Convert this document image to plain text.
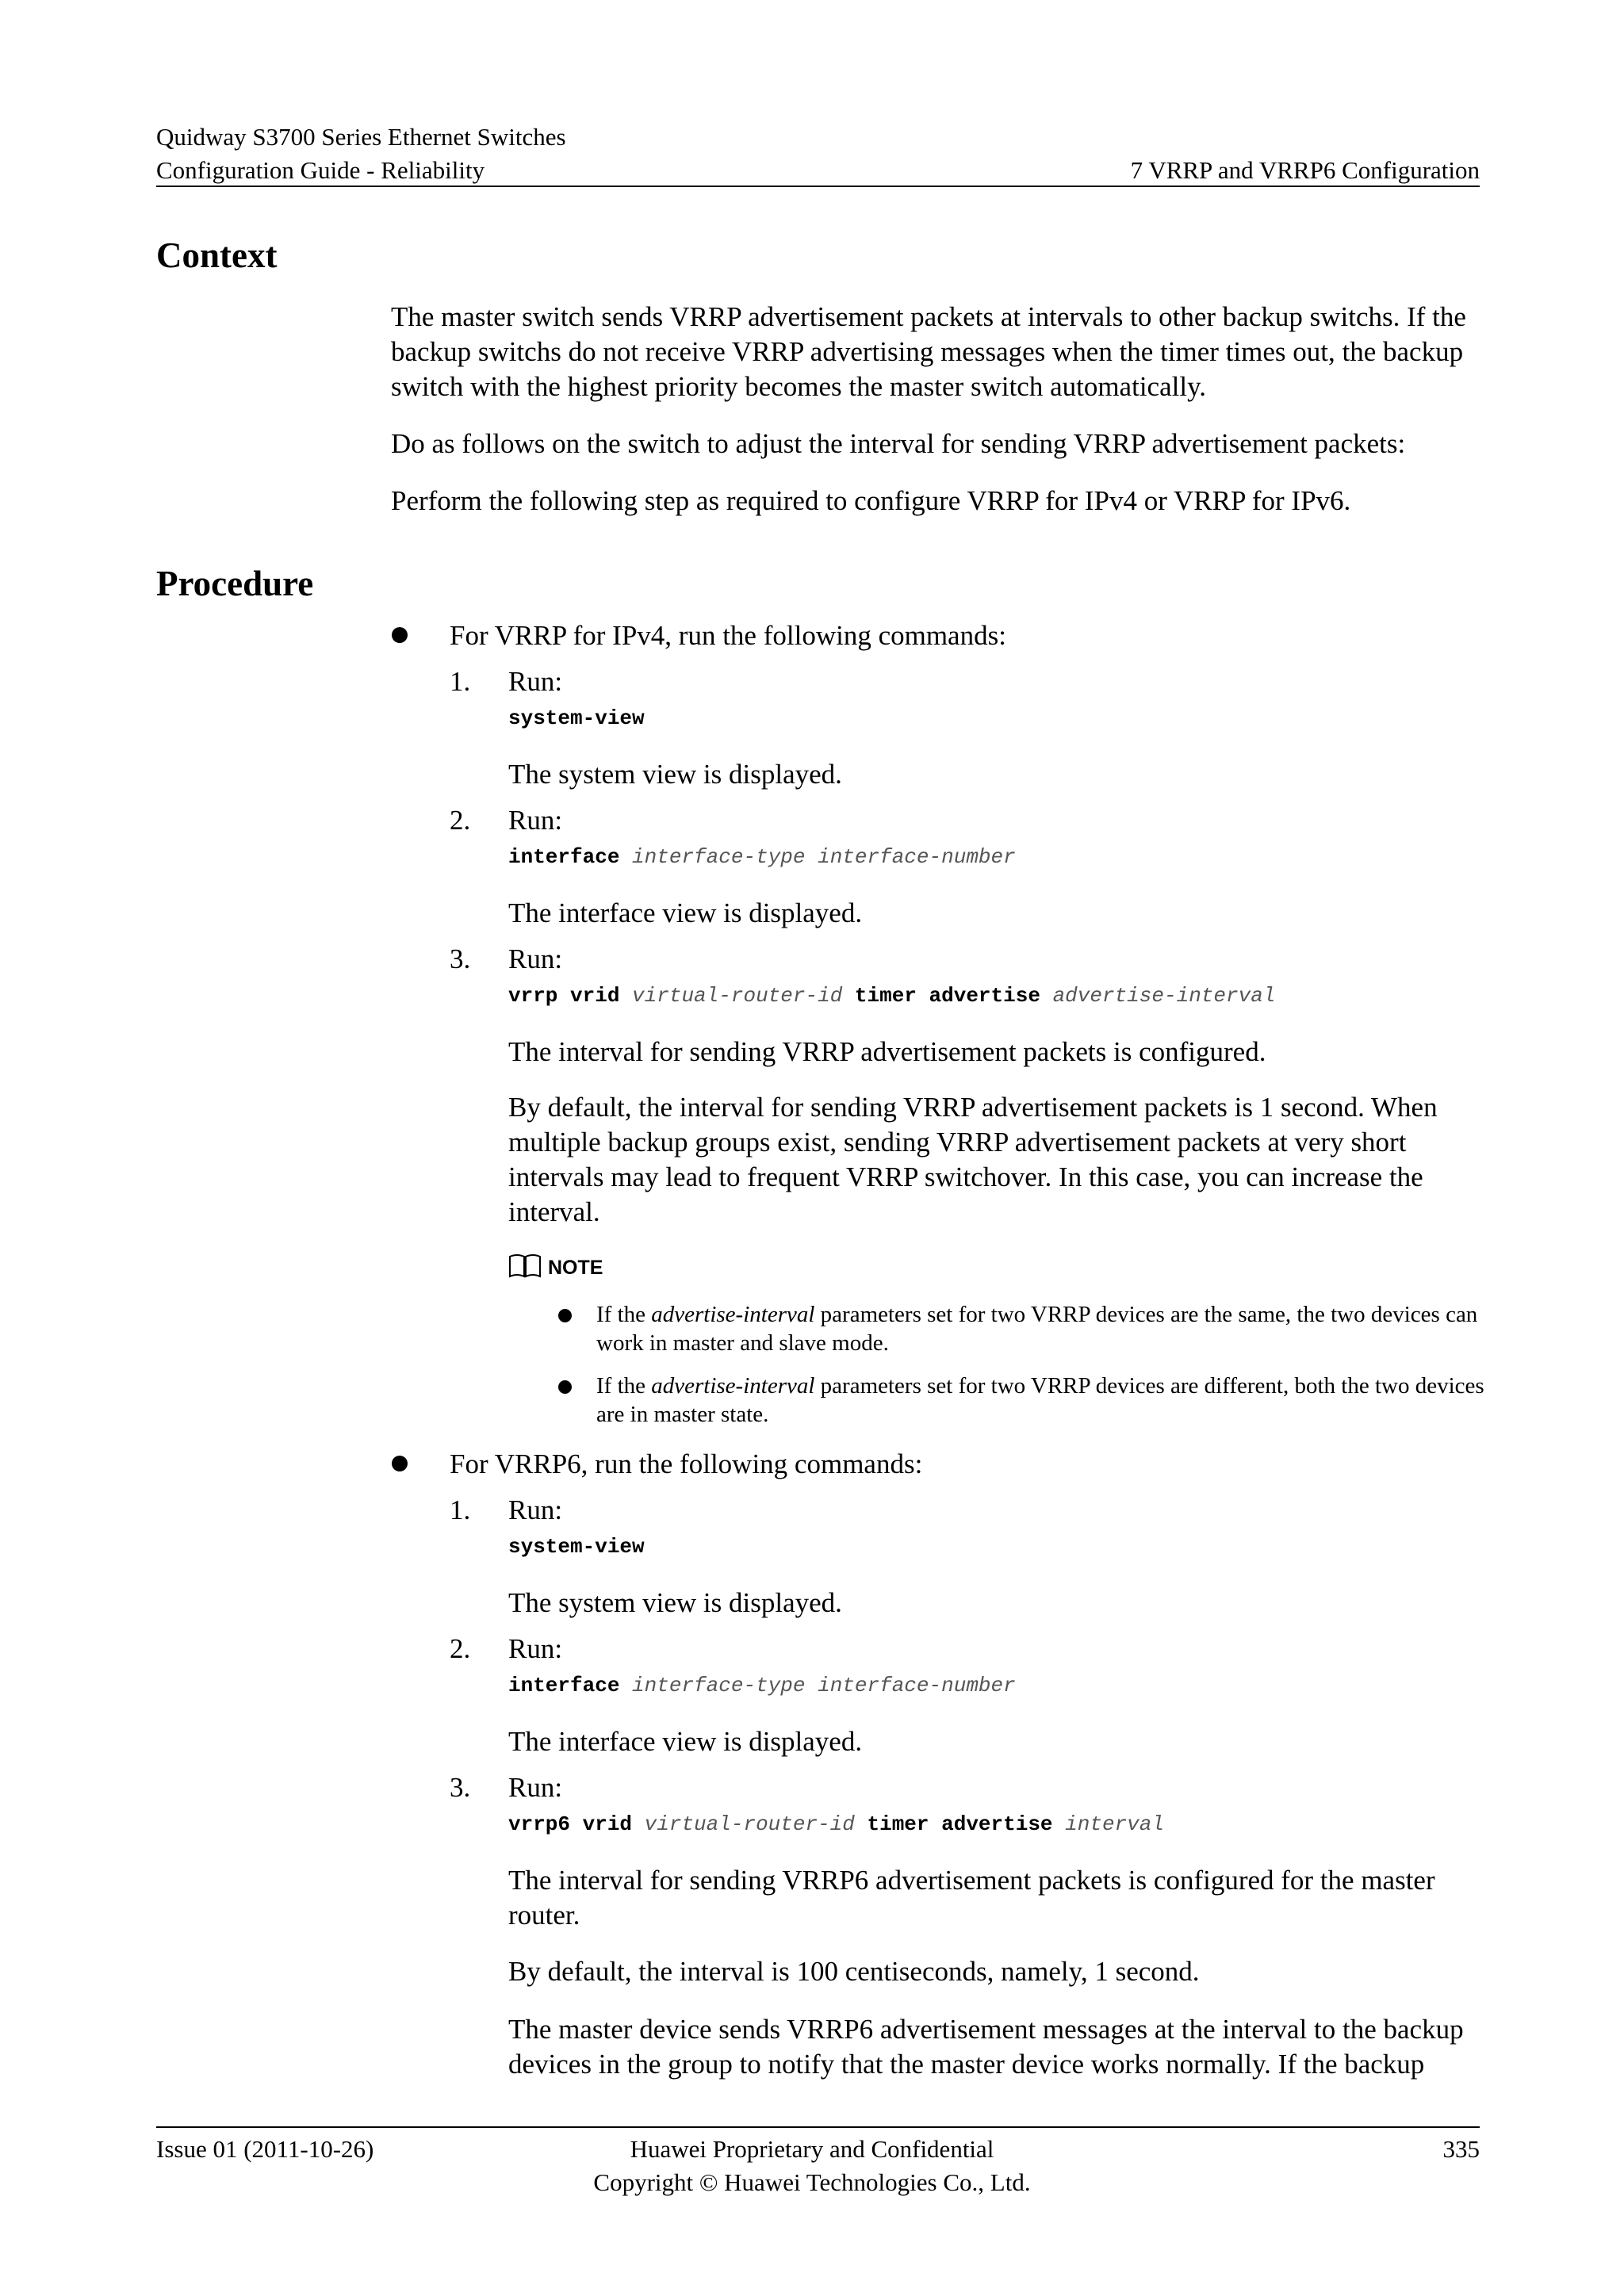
Quidway S3700 Series Ethernet Switches
Configuration Guide - Reliability	7 VRRP and VRRP6 Configuration
Context

The master switch sends VRRP advertisement packets at intervals to other backup switchs. If the backup switchs do not receive VRRP advertising messages when the timer times out, the backup switch with the highest priority becomes the master switch automatically.

Do as follows on the switch to adjust the interval for sending VRRP advertisement packets:

Perform the following step as required to configure VRRP for IPv4 or VRRP for IPv6.

Procedure

For VRRP for IPv4, run the following commands:

1. Run:
system-view

The system view is displayed.

2. Run:
interface interface-type interface-number

The interface view is displayed.

3. Run:
vrrp vrid virtual-router-id timer advertise advertise-interval

The interval for sending VRRP advertisement packets is configured.

By default, the interval for sending VRRP advertisement packets is 1 second. When multiple backup groups exist, sending VRRP advertisement packets at very short intervals may lead to frequent VRRP switchover. In this case, you can increase the interval.

NOTE

If the advertise-interval parameters set for two VRRP devices are the same, the two devices can work in master and slave mode.

If the advertise-interval parameters set for two VRRP devices are different, both the two devices are in master state.

For VRRP6, run the following commands:

1. Run:
system-view

The system view is displayed.

2. Run:
interface interface-type interface-number

The interface view is displayed.

3. Run:
vrrp6 vrid virtual-router-id timer advertise interval

The interval for sending VRRP6 advertisement packets is configured for the master router.

By default, the interval is 100 centiseconds, namely, 1 second.

The master device sends VRRP6 advertisement messages at the interval to the backup devices in the group to notify that the master device works normally. If the backup

Issue 01 (2011-10-26)	Huawei Proprietary and Confidential
Copyright © Huawei Technologies Co., Ltd.
335
